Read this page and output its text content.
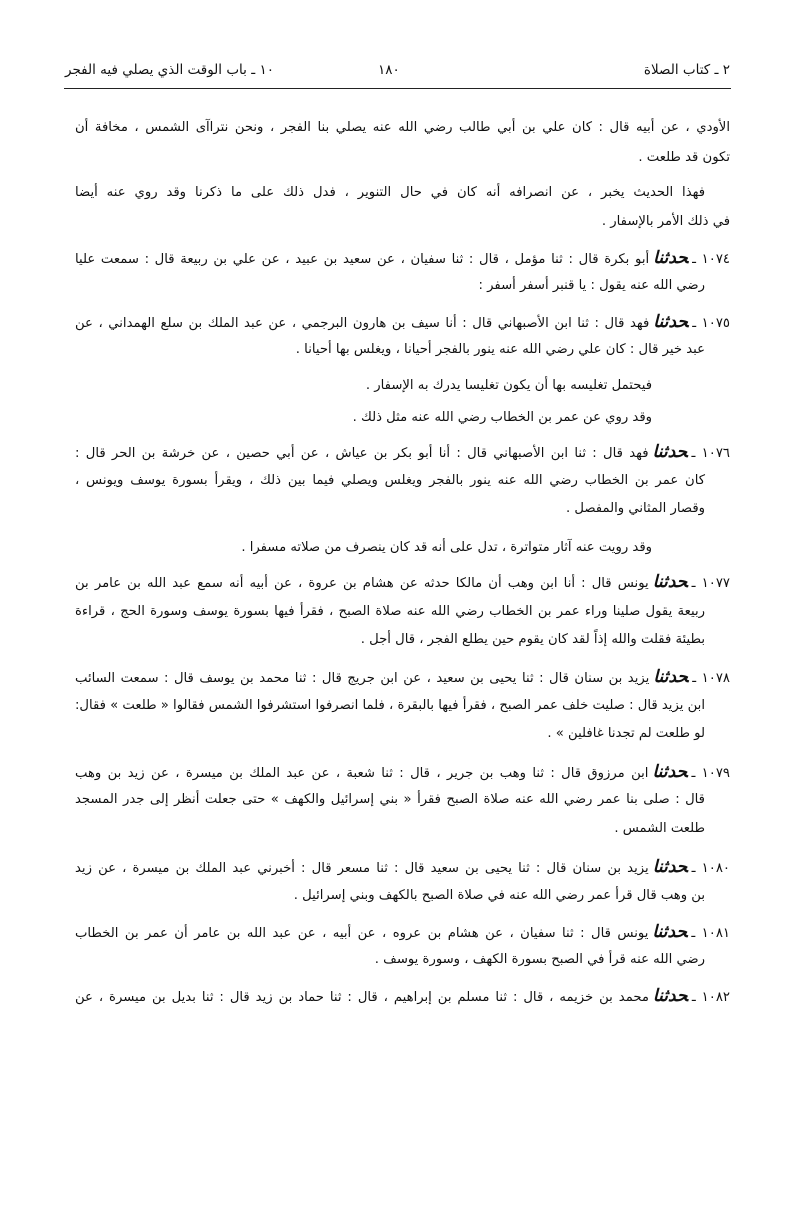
٢ ـ كتاب الصلاة
١٨٠
١٠ ـ باب الوقت الذي يصلي فيه الفجر
الأودي ، عن أبيه قال : كان علي بن أبي طالب رضي الله عنه يصلي بنا الفجر ، ونحن نتراآى الشمس ، مخافة أن
تكون قد طلعت .
فهذا الحديث يخبر ، عن انصرافه أنه كان في حال التنوير ، فدل ذلك على ما ذكرنا وقد روي عنه أيضا
في ذلك الأمر بالإسفار .
١٠٧٤ ـحدثناأبو بكرة قال : ثنا مؤمل ، قال : ثنا سفيان ، عن سعيد بن عبيد ، عن علي بن ربيعة قال : سمعت عليا
رضي الله عنه يقول : يا قنبر أسفر أسفر :
١٠٧٥ ـحدثنافهد قال : ثنا ابن الأصبهاني قال : أنا سيف بن هارون البرجمي ، عن عبد الملك بن سلع الهمداني ، عن
عبد خير قال : كان علي رضي الله عنه ينور بالفجر أحيانا ، ويغلس بها أحيانا .
فيحتمل تغليسه بها أن يكون تغليسا يدرك به الإسفار .
وقد روي عن عمر بن الخطاب رضي الله عنه مثل ذلك .
١٠٧٦ ـحدثنافهد قال : ثنا ابن الأصبهاني قال : أنا أبو بكر بن عياش ، عن أبي حصين ، عن خرشة بن الحر قال :
كان عمر بن الخطاب رضي الله عنه ينور بالفجر ويغلس ويصلي فيما بين ذلك ، ويقرأ بسورة يوسف ويونس ،
وقصار المثاني والمفصل .
وقد رويت عنه آثار متواترة ، تدل على أنه قد كان ينصرف من صلاته مسفرا .
١٠٧٧ ـحدثنايونس قال : أنا ابن وهب أن مالكا حدثه عن هشام بن عروة ، عن أبيه أنه سمع عبد الله بن عامر بن
ربيعة يقول صلينا وراء عمر بن الخطاب رضي الله عنه صلاة الصبح ، فقرأ فيها بسورة يوسف وسورة الحج ، قراءة
بطيئة فقلت والله إذاً لقد كان يقوم حين يطلع الفجر ، قال أجل .
١٠٧٨ ـحدثنايزيد بن سنان قال : ثنا يحيى بن سعيد ، عن ابن جريج قال : ثنا محمد بن يوسف قال : سمعت السائب
ابن يزيد قال : صليت خلف عمر الصبح ، فقرأ فيها بالبقرة ، فلما انصرفوا استشرفوا الشمس فقالوا « طلعت » فقال:
لو طلعت لم تجدنا غافلين » .
١٠٧٩ ـحدثناابن مرزوق قال : ثنا وهب بن جرير ، قال : ثنا شعبة ، عن عبد الملك بن ميسرة ، عن زيد بن وهب
قال : صلى بنا عمر رضي الله عنه صلاة الصبح فقرأ « بني إسرائيل والكهف » حتى جعلت أنظر إلى جدر المسجد
طلعت الشمس .
١٠٨٠ ـحدثنايزيد بن سنان قال : ثنا يحيى بن سعيد قال : ثنا مسعر قال : أخبرني عبد الملك بن ميسرة ، عن زيد
بن وهب قال قرأ عمر رضي الله عنه في صلاة الصبح بالكهف وبني إسرائيل .
١٠٨١ ـحدثنايونس قال : ثنا سفيان ، عن هشام بن عروه ، عن أبيه ، عن عبد الله بن عامر أن عمر بن الخطاب
رضي الله عنه قرأ في الصبح بسورة الكهف ، وسورة يوسف .
١٠٨٢ ـحدثنامحمد بن خزيمه ، قال : ثنا مسلم بن إبراهيم ، قال : ثنا حماد بن زيد قال : ثنا بديل بن ميسرة ، عن
